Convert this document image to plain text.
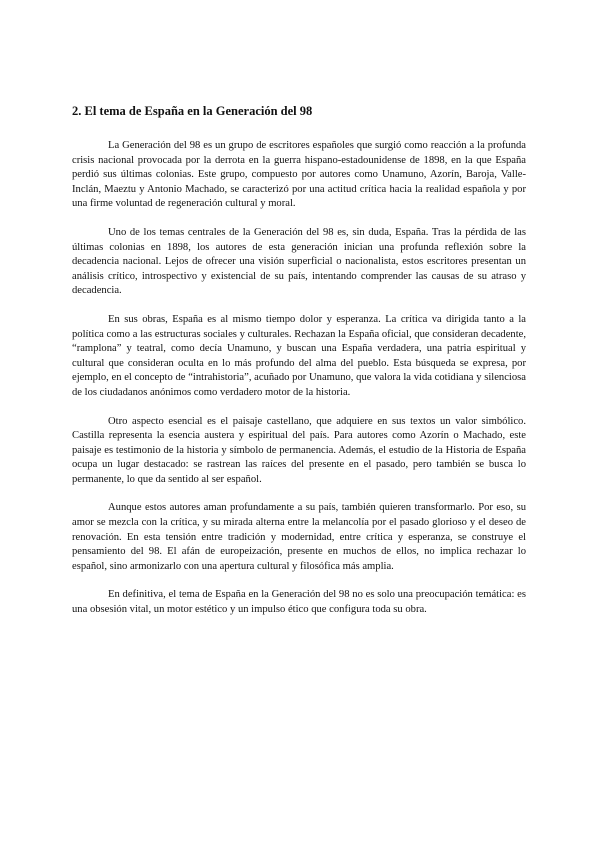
2. El tema de España en la Generación del 98

La Generación del 98 es un grupo de escritores españoles que surgió como reacción a la profunda crisis nacional provocada por la derrota en la guerra hispano-estadounidense de 1898, en la que España perdió sus últimas colonias. Este grupo, compuesto por autores como Unamuno, Azorín, Baroja, Valle-Inclán, Maeztu y Antonio Machado, se caracterizó por una actitud crítica hacia la realidad española y por una firme voluntad de regeneración cultural y moral.

Uno de los temas centrales de la Generación del 98 es, sin duda, España. Tras la pérdida de las últimas colonias en 1898, los autores de esta generación inician una profunda reflexión sobre la decadencia nacional. Lejos de ofrecer una visión superficial o nacionalista, estos escritores presentan un análisis crítico, introspectivo y existencial de su país, intentando comprender las causas de su atraso y decadencia.

En sus obras, España es al mismo tiempo dolor y esperanza. La crítica va dirigida tanto a la política como a las estructuras sociales y culturales. Rechazan la España oficial, que consideran decadente, “ramplona” y teatral, como decía Unamuno, y buscan una España verdadera, una patria espiritual y cultural que consideran oculta en lo más profundo del alma del pueblo. Esta búsqueda se expresa, por ejemplo, en el concepto de “intrahistoria”, acuñado por Unamuno, que valora la vida cotidiana y silenciosa de los ciudadanos anónimos como verdadero motor de la historia.

Otro aspecto esencial es el paisaje castellano, que adquiere en sus textos un valor simbólico. Castilla representa la esencia austera y espiritual del país. Para autores como Azorín o Machado, este paisaje es testimonio de la historia y símbolo de permanencia. Además, el estudio de la Historia de España ocupa un lugar destacado: se rastrean las raíces del presente en el pasado, pero también se busca lo permanente, lo que da sentido al ser español.

Aunque estos autores aman profundamente a su país, también quieren transformarlo. Por eso, su amor se mezcla con la crítica, y su mirada alterna entre la melancolía por el pasado glorioso y el deseo de renovación. En esta tensión entre tradición y modernidad, entre crítica y esperanza, se construye el pensamiento del 98. El afán de europeización, presente en muchos de ellos, no implica rechazar lo español, sino armonizarlo con una apertura cultural y filosófica más amplia.

En definitiva, el tema de España en la Generación del 98 no es solo una preocupación temática: es una obsesión vital, un motor estético y un impulso ético que configura toda su obra.
